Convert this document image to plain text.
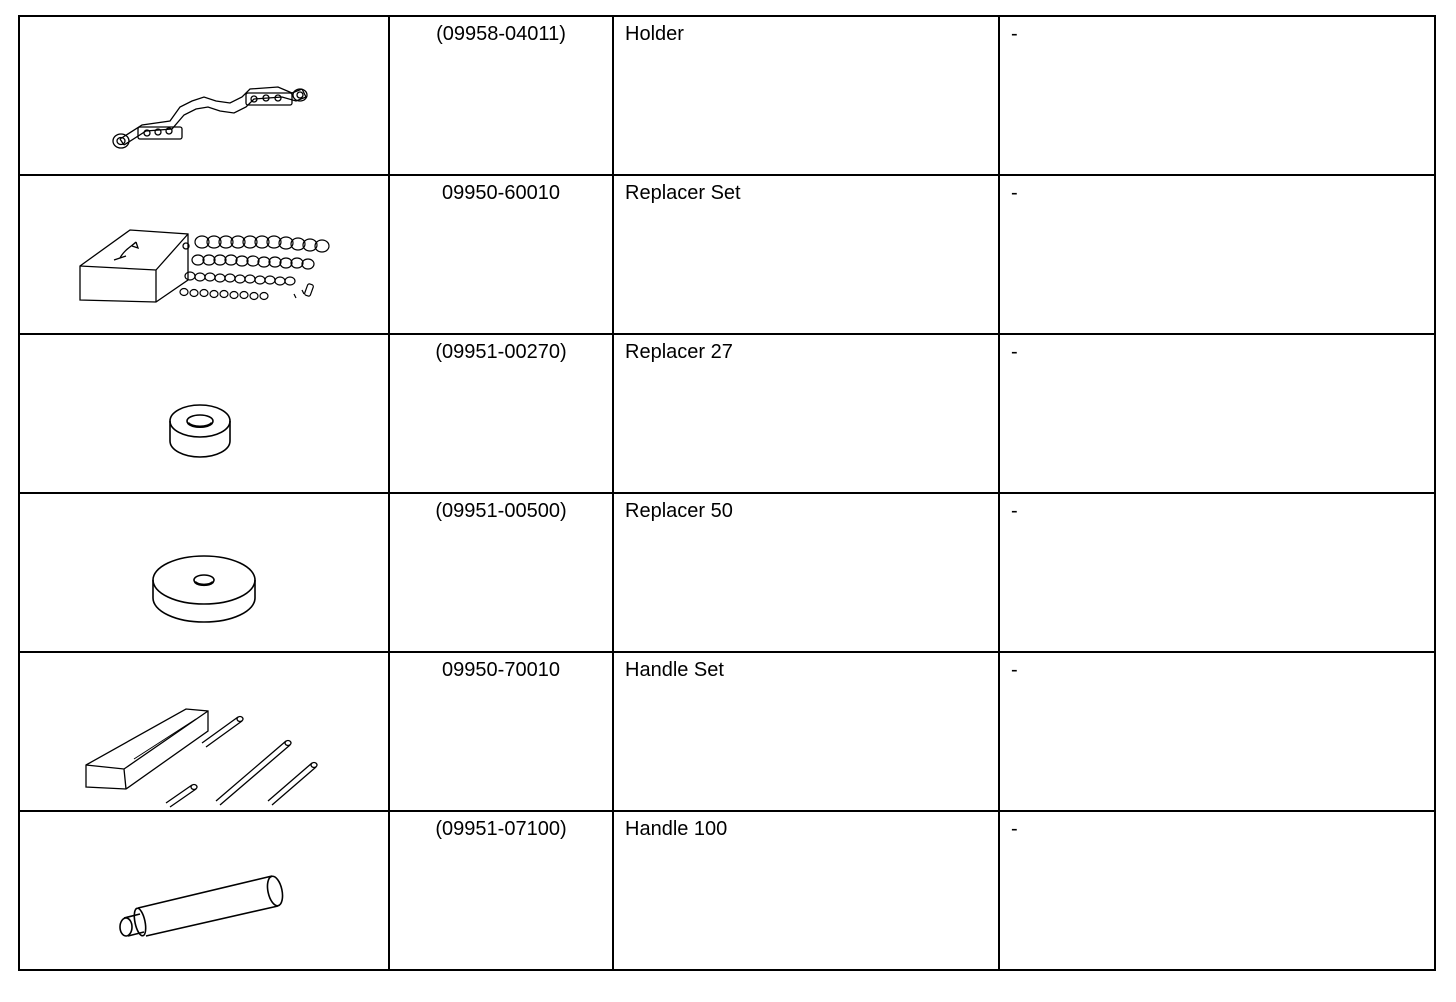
(09958-04011)	Holder	-

09950-60010	Replacer Set	-

(09951-00270)	Replacer 27	-

(09951-00500)	Replacer 50	-

09950-70010	Handle Set	-

(09951-07100)	Handle 100	-
